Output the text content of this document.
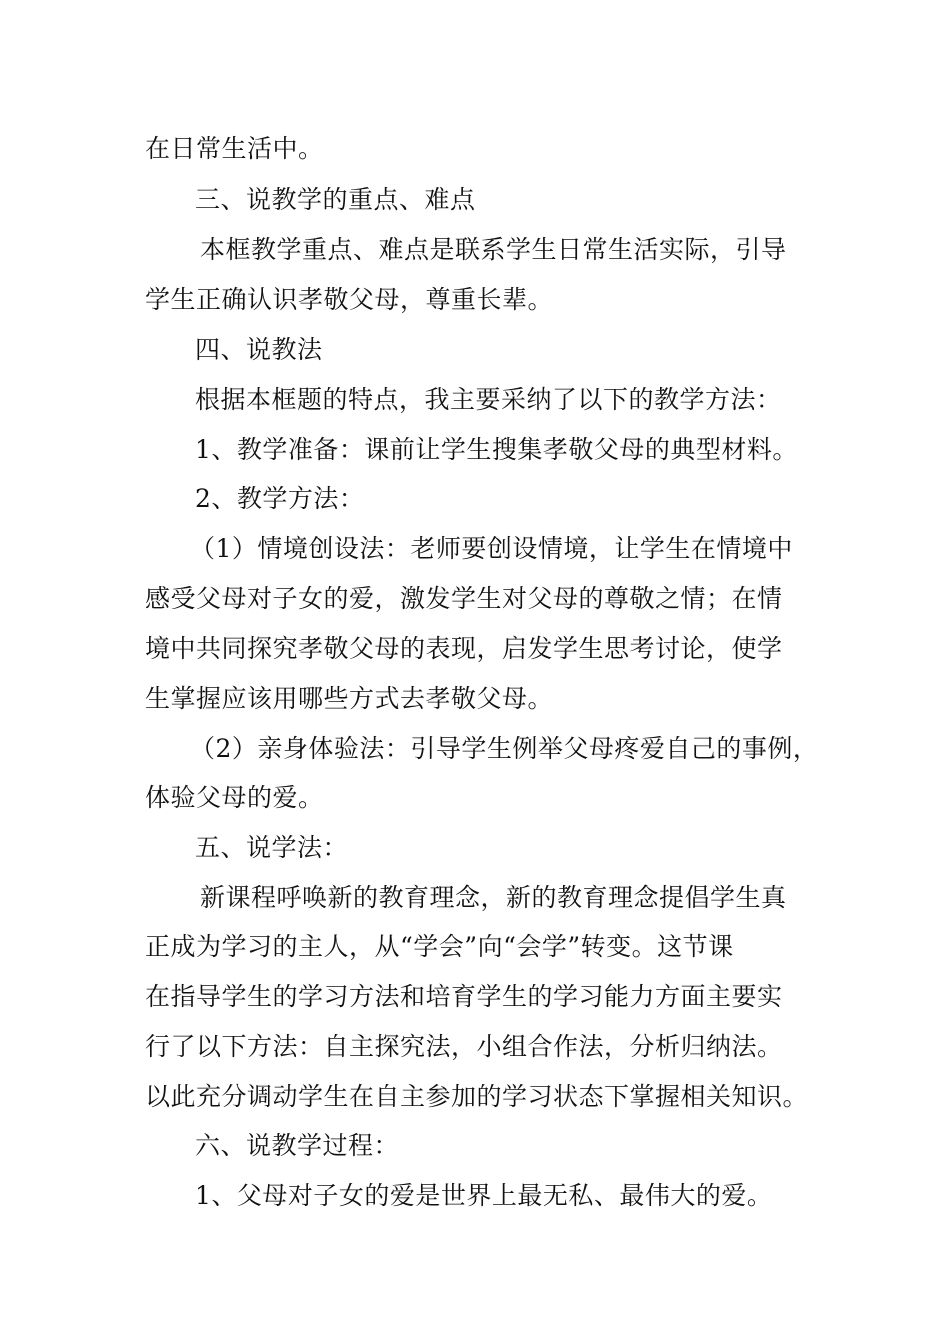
在日常生活中。
三、说教学的重点、难点
本框教学重点、难点是联系学生日常生活实际，引导
学生正确认识孝敬父母，尊重长辈。
四、说教法
根据本框题的特点，我主要采纳了以下的教学方法：
1、教学准备：课前让学生搜集孝敬父母的典型材料。
2、教学方法：
（1）情境创设法：老师要创设情境，让学生在情境中
感受父母对子女的爱，激发学生对父母的尊敬之情；在情
境中共同探究孝敬父母的表现，启发学生思考讨论，使学
生掌握应该用哪些方式去孝敬父母。
（2）亲身体验法：引导学生例举父母疼爱自己的事例，
体验父母的爱。
五、说学法：
新课程呼唤新的教育理念，新的教育理念提倡学生真
正成为学习的主人，从“学会”向“会学”转变。这节课
在指导学生的学习方法和培育学生的学习能力方面主要实
行了以下方法：自主探究法，小组合作法，分析归纳法。
以此充分调动学生在自主参加的学习状态下掌握相关知识。
六、说教学过程：
1、父母对子女的爱是世界上最无私、最伟大的爱。
